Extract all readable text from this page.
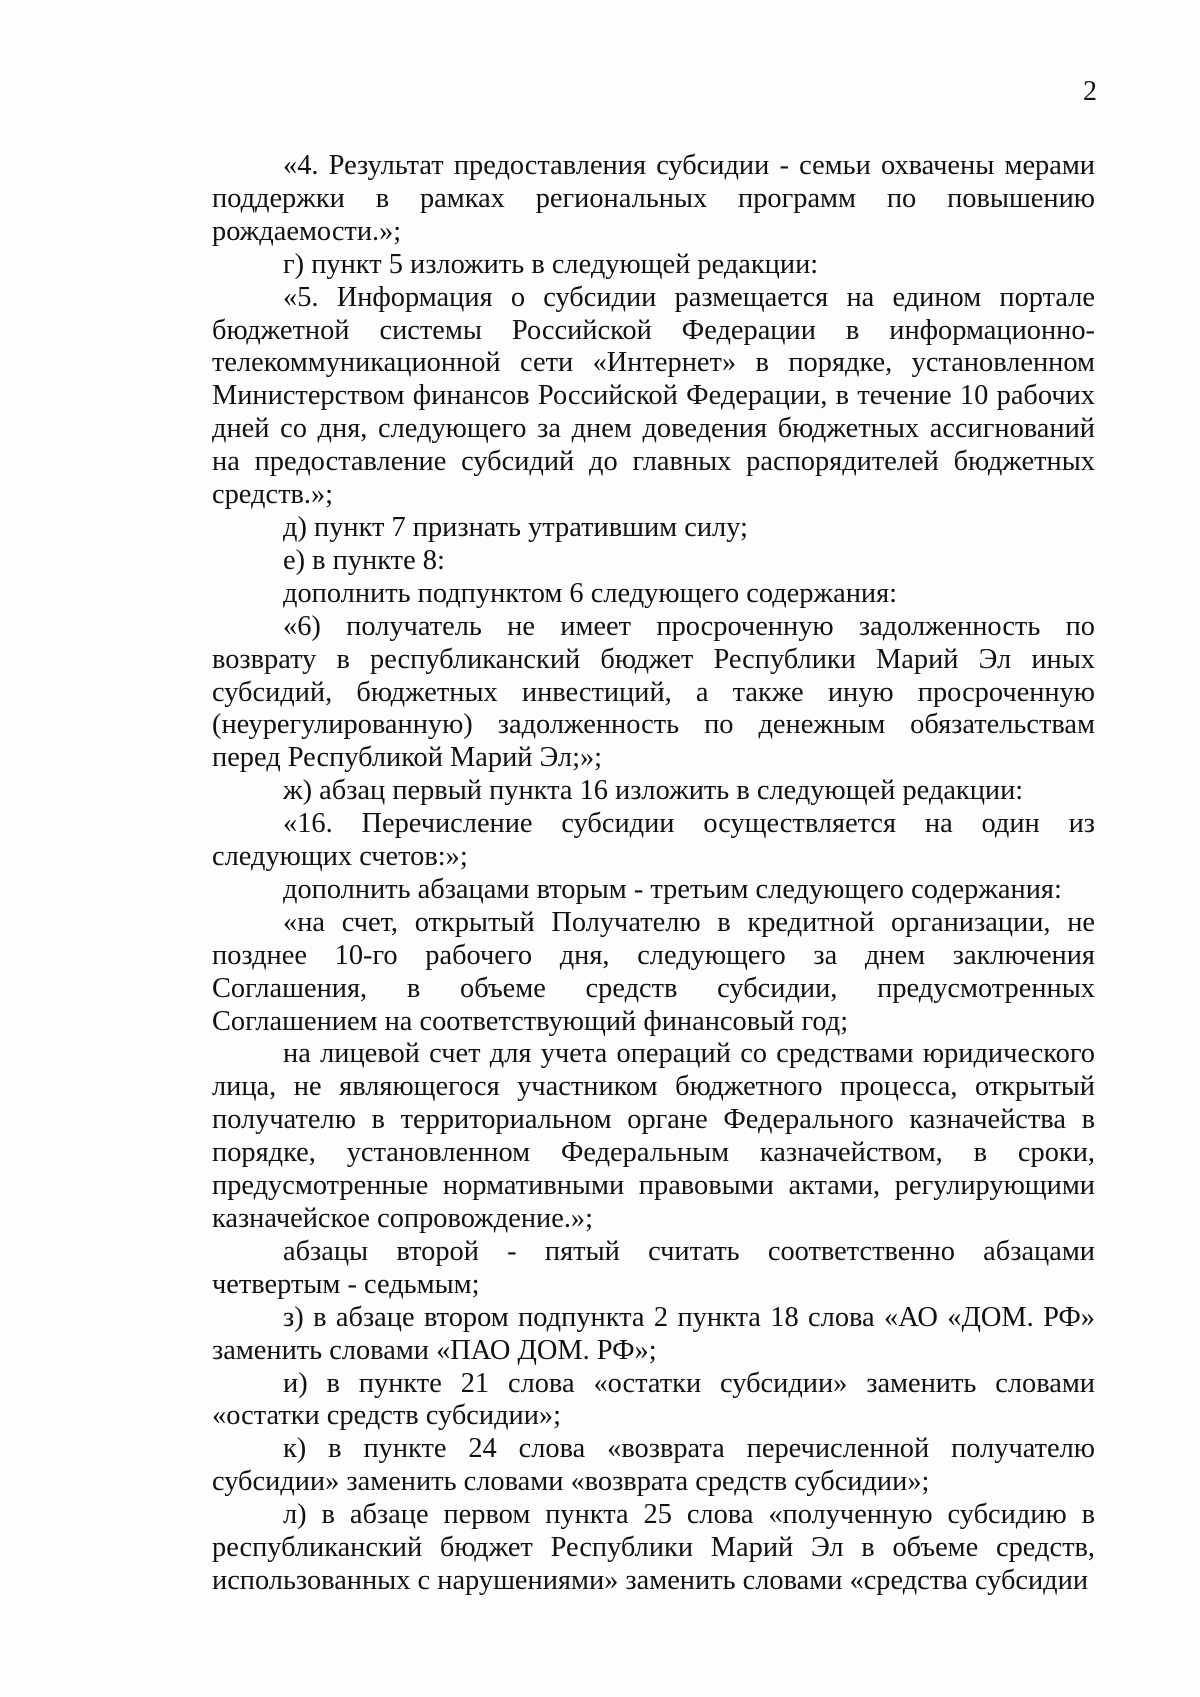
2

«4. Результат предоставления субсидии - семьи охвачены мерами поддержки в рамках региональных программ по повышению рождаемости.»;

г) пункт 5 изложить в следующей редакции:

«5. Информация о субсидии размещается на едином портале бюджетной системы Российской Федерации в информационно-телекоммуникационной сети «Интернет» в порядке, установленном Министерством финансов Российской Федерации, в течение 10 рабочих дней со дня, следующего за днем доведения бюджетных ассигнований на предоставление субсидий до главных распорядителей бюджетных средств.»;

д) пункт 7 признать утратившим силу;

е) в пункте 8:

дополнить подпунктом 6 следующего содержания:

«6) получатель не имеет просроченную задолженность по возврату в республиканский бюджет Республики Марий Эл иных субсидий, бюджетных инвестиций, а также иную просроченную (неурегулированную) задолженность по денежным обязательствам перед Республикой Марий Эл;»;

ж) абзац первый пункта 16 изложить в следующей редакции:

«16. Перечисление субсидии осуществляется на один из следующих счетов:»;

дополнить абзацами вторым - третьим следующего содержания:

«на счет, открытый Получателю в кредитной организации, не позднее 10-го рабочего дня, следующего за днем заключения Соглашения, в объеме средств субсидии, предусмотренных Соглашением на соответствующий финансовый год;

на лицевой счет для учета операций со средствами юридического лица, не являющегося участником бюджетного процесса, открытый получателю в территориальном органе Федерального казначейства в порядке, установленном Федеральным казначейством, в сроки, предусмотренные нормативными правовыми актами, регулирующими казначейское сопровождение.»;

абзацы второй - пятый считать соответственно абзацами четвертым - седьмым;

з) в абзаце втором подпункта 2 пункта 18 слова «АО «ДОМ. РФ» заменить словами «ПАО ДОМ. РФ»;

и) в пункте 21 слова «остатки субсидии» заменить словами «остатки средств субсидии»;

к) в пункте 24 слова «возврата перечисленной получателю субсидии» заменить словами «возврата средств субсидии»;

л) в абзаце первом пункта 25 слова «полученную субсидию в республиканский бюджет Республики Марий Эл в объеме средств, использованных с нарушениями» заменить словами «средства субсидии
